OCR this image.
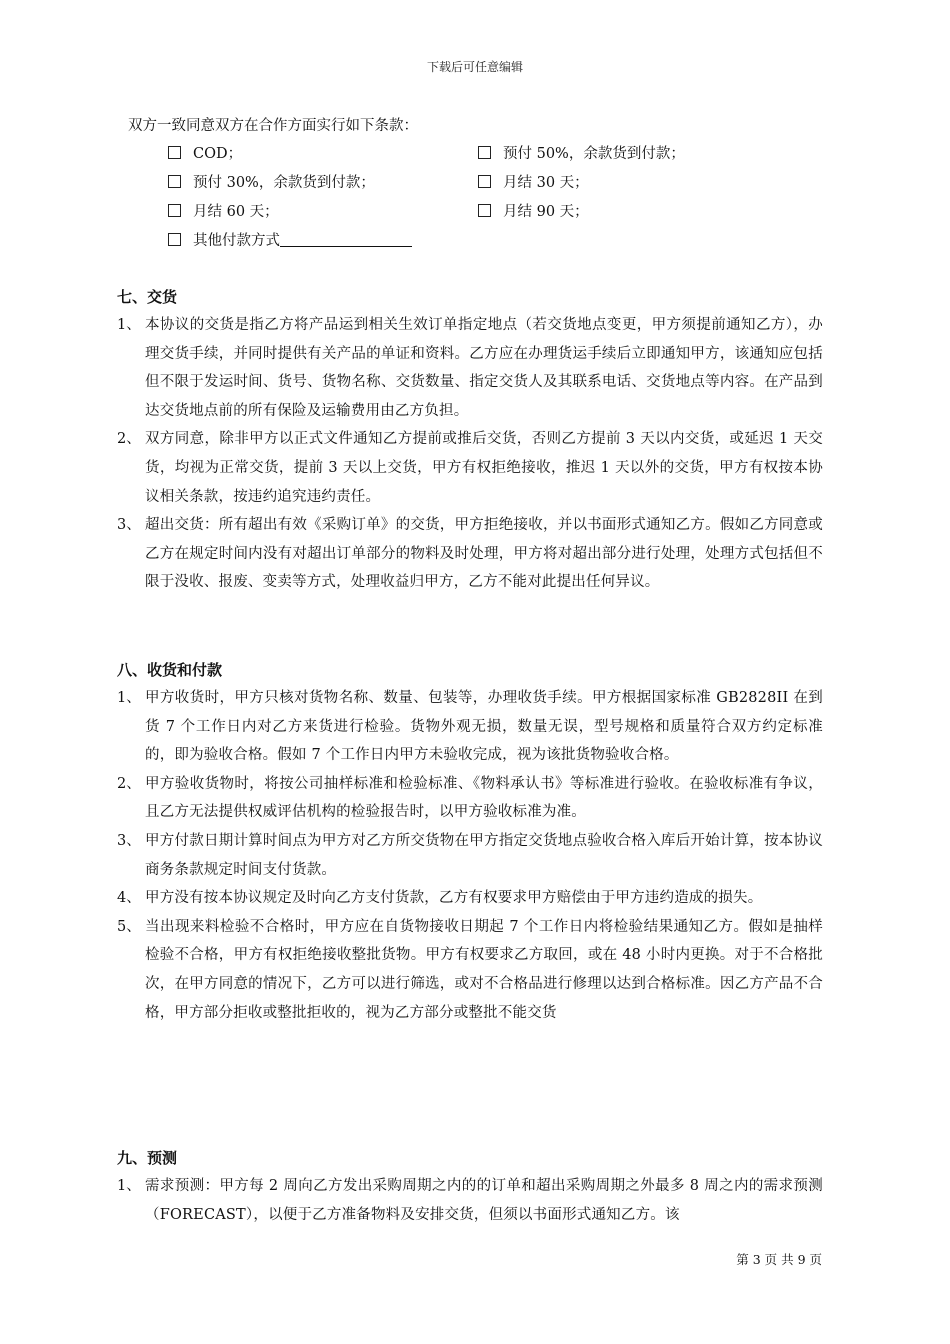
下载后可任意编辑
双方一致同意双方在合作方面实行如下条款：
COD；	预付 50%，余款货到付款；
预付 30%，余款货到付款；	月结 30 天；
月结 60 天；	月结 90 天；
其他付款方式
七、交货
1、 本协议的交货是指乙方将产品运到相关生效订单指定地点（若交货地点变更，甲方须提前通知乙方），办理交货手续，并同时提供有关产品的单证和资料。乙方应在办理货运手续后立即通知甲方，该通知应包括但不限于发运时间、货号、货物名称、交货数量、指定交货人及其联系电话、交货地点等内容。在产品到达交货地点前的所有保险及运输费用由乙方负担。
2、 双方同意，除非甲方以正式文件通知乙方提前或推后交货，否则乙方提前 3 天以内交货，或延迟 1 天交货，均视为正常交货，提前 3 天以上交货，甲方有权拒绝接收，推迟 1 天以外的交货，甲方有权按本协议相关条款，按违约追究违约责任。
3、 超出交货：所有超出有效《采购订单》的交货，甲方拒绝接收，并以书面形式通知乙方。假如乙方同意或乙方在规定时间内没有对超出订单部分的物料及时处理，甲方将对超出部分进行处理，处理方式包括但不限于没收、报废、变卖等方式，处理收益归甲方，乙方不能对此提出任何异议。
八、收货和付款
1、 甲方收货时，甲方只核对货物名称、数量、包装等，办理收货手续。甲方根据国家标准 GB2828II 在到货 7 个工作日内对乙方来货进行检验。货物外观无损，数量无误，型号规格和质量符合双方约定标准的，即为验收合格。假如 7 个工作日内甲方未验收完成，视为该批货物验收合格。
2、 甲方验收货物时，将按公司抽样标准和检验标准、《物料承认书》等标准进行验收。在验收标准有争议，且乙方无法提供权威评估机构的检验报告时，以甲方验收标准为准。
3、 甲方付款日期计算时间点为甲方对乙方所交货物在甲方指定交货地点验收合格入库后开始计算，按本协议商务条款规定时间支付货款。
4、 甲方没有按本协议规定及时向乙方支付货款，乙方有权要求甲方赔偿由于甲方违约造成的损失。
5、 当出现来料检验不合格时，甲方应在自货物接收日期起 7 个工作日内将检验结果通知乙方。假如是抽样检验不合格，甲方有权拒绝接收整批货物。甲方有权要求乙方取回，或在 48 小时内更换。对于不合格批次，在甲方同意的情况下，乙方可以进行筛选，或对不合格品进行修理以达到合格标准。因乙方产品不合格，甲方部分拒收或整批拒收的，视为乙方部分或整批不能交货
九、预测
1、 需求预测：甲方每 2 周向乙方发出采购周期之内的的订单和超出采购周期之外最多 8 周之内的需求预测（FORECAST），以便于乙方准备物料及安排交货，但须以书面形式通知乙方。该
第 3 页 共 9 页
